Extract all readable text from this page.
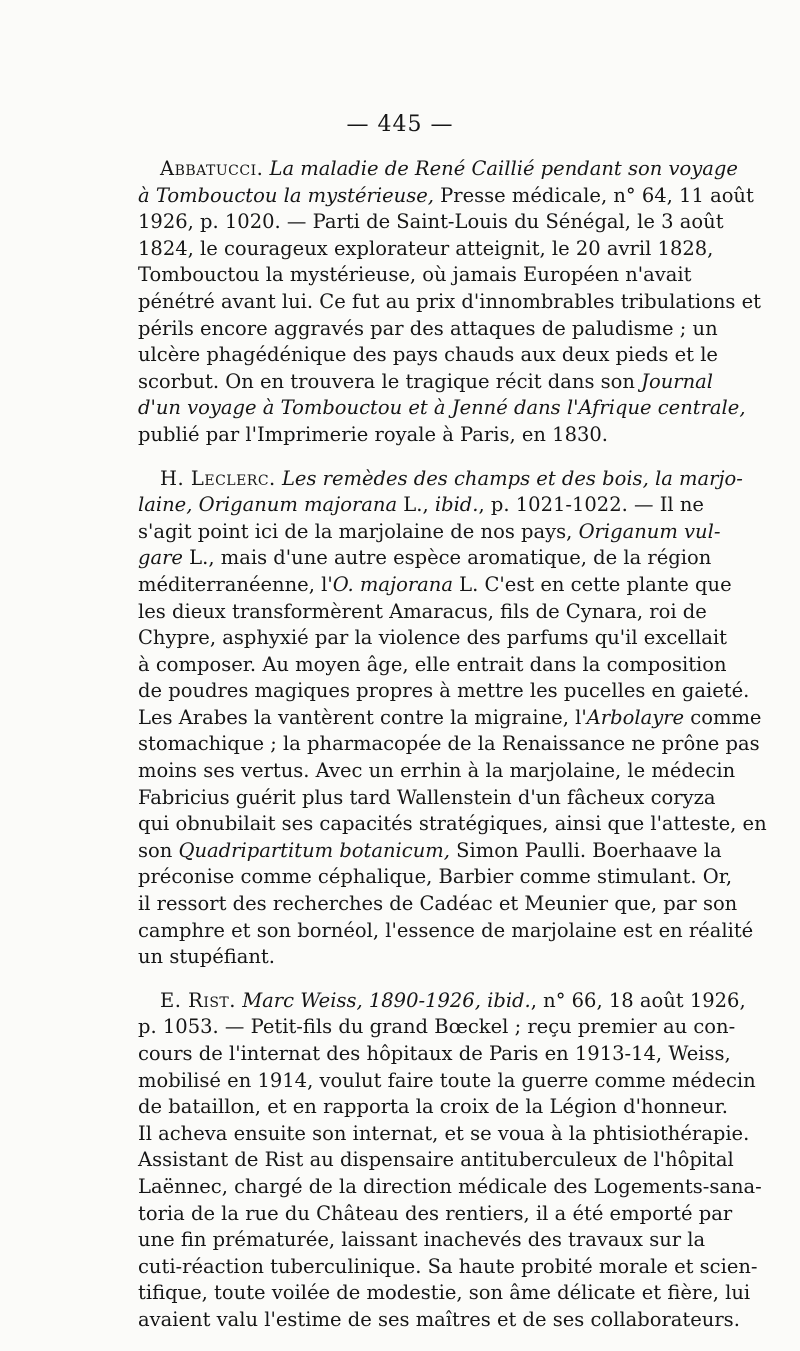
— 445 —
Abbatucci. La maladie de René Caillié pendant son voyage
à Tombouctou la mystérieuse, Presse médicale, n° 64, 11 août
1926, p. 1020. — Parti de Saint-Louis du Sénégal, le 3 août
1824, le courageux explorateur atteignit, le 20 avril 1828,
Tombouctou la mystérieuse, où jamais Européen n'avait
pénétré avant lui. Ce fut au prix d'innombrables tribulations et
périls encore aggravés par des attaques de paludisme ; un
ulcère phagédénique des pays chauds aux deux pieds et le
scorbut. On en trouvera le tragique récit dans son Journal
d'un voyage à Tombouctou et à Jenné dans l'Afrique centrale,
publié par l'Imprimerie royale à Paris, en 1830.
H. Leclerc. Les remèdes des champs et des bois, la marjo-
laine, Origanum majorana L., ibid., p. 1021-1022. — Il ne
s'agit point ici de la marjolaine de nos pays, Origanum vul-
gare L., mais d'une autre espèce aromatique, de la région
méditerranéenne, l'O. majorana L. C'est en cette plante que
les dieux transformèrent Amaracus, fils de Cynara, roi de
Chypre, asphyxié par la violence des parfums qu'il excellait
à composer. Au moyen âge, elle entrait dans la composition
de poudres magiques propres à mettre les pucelles en gaieté.
Les Arabes la vantèrent contre la migraine, l'Arbolayre comme
stomachique ; la pharmacopée de la Renaissance ne prône pas
moins ses vertus. Avec un errhin à la marjolaine, le médecin
Fabricius guérit plus tard Wallenstein d'un fâcheux coryza
qui obnubilait ses capacités stratégiques, ainsi que l'atteste, en
son Quadripartitum botanicum, Simon Paulli. Boerhaave la
préconise comme céphalique, Barbier comme stimulant. Or,
il ressort des recherches de Cadéac et Meunier que, par son
camphre et son bornéol, l'essence de marjolaine est en réalité
un stupéfiant.
E. Rist. Marc Weiss, 1890-1926, ibid., n° 66, 18 août 1926,
p. 1053. — Petit-fils du grand Bœckel ; reçu premier au con-
cours de l'internat des hôpitaux de Paris en 1913-14, Weiss,
mobilisé en 1914, voulut faire toute la guerre comme médecin
de bataillon, et en rapporta la croix de la Légion d'honneur.
Il acheva ensuite son internat, et se voua à la phtisiothérapie.
Assistant de Rist au dispensaire antituberculeux de l'hôpital
Laënnec, chargé de la direction médicale des Logements-sana-
toria de la rue du Château des rentiers, il a été emporté par
une fin prématurée, laissant inachevés des travaux sur la
cuti-réaction tuberculinique. Sa haute probité morale et scien-
tifique, toute voilée de modestie, son âme délicate et fière, lui
avaient valu l'estime de ses maîtres et de ses collaborateurs.
